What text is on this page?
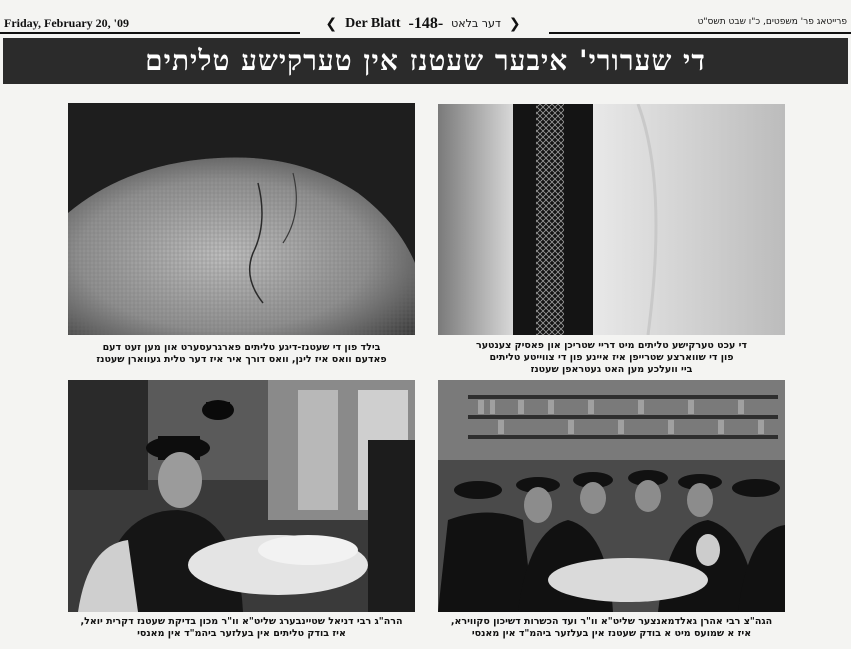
Friday, February 20, '09	פרייטאג פר' משפטים, כ"ו שבט תשס"ט
❮ Der Blatt -148- דער בלאט ❯
די שערורי' איבער שעטנז אין טערקישע טליתים
בילד פון די שעטנז-דיגע טליתים פארגרעסערט און מען זעט דעם
פאדעם וואס איז לינן, וואס דורך איר איז דער טלית געווארן שעטנז
די עכט טערקישע טליתים מיט דריי שטריכן און פאסיק צענטער
פון די שווארצע שטרייפן איז איינע פון די צווייטע טליתים
ביי וועלכע מען האט געטראפן שעטנז
הרה"ג רבי דניאל שטיינבערג שליט"א וו"ר מכון בדיקת שעטנז דקרית יואל,
איז בודק טליתים אין בעלזער ביהמ"ד אין מאנסי
הגה"צ רבי אהרן גאלדמאנצער שליט"א וו"ר ועד הכשרות דשיכון סקווירא,
איז א שמועס מיט א בודק שעטנז אין בעלזער ביהמ"ד אין מאנסי
